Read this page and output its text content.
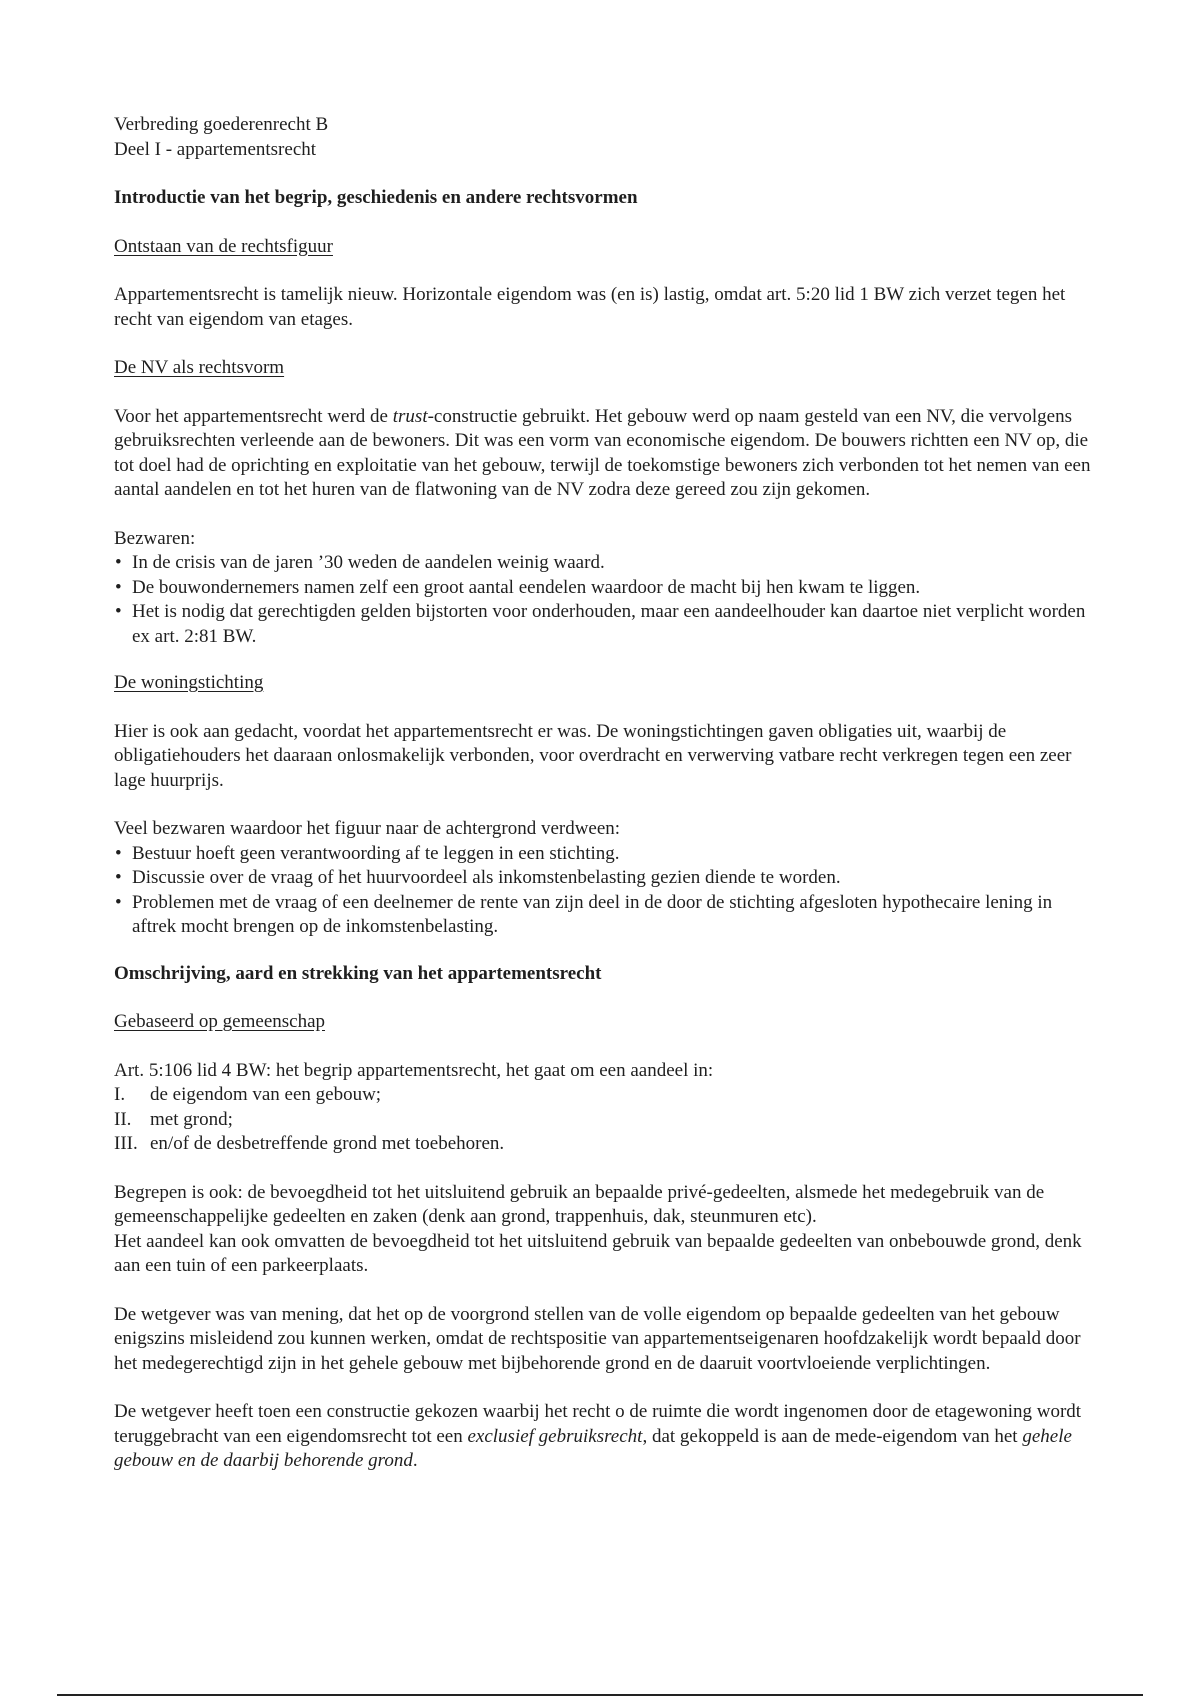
Verbreding goederenrecht B

Deel I - appartementsrecht

Introductie van het begrip, geschiedenis en andere rechtsvormen

Ontstaan van de rechtsfiguur

Appartementsrecht is tamelijk nieuw. Horizontale eigendom was (en is) lastig, omdat art. 5:20 lid 1 BW zich verzet tegen het recht van eigendom van etages.

De NV als rechtsvorm

Voor het appartementsrecht werd de trust-constructie gebruikt. Het gebouw werd op naam gesteld van een NV, die vervolgens gebruiksrechten verleende aan de bewoners. Dit was een vorm van economische eigendom. De bouwers richtten een NV op, die tot doel had de oprichting en exploitatie van het gebouw, terwijl de toekomstige bewoners zich verbonden tot het nemen van een aantal aandelen en tot het huren van de flatwoning van de NV zodra deze gereed zou zijn gekomen.

Bezwaren:

• In de crisis van de jaren ’30 weden de aandelen weinig waard.
• De bouwondernemers namen zelf een groot aantal eendelen waardoor de macht bij hen kwam te liggen.
• Het is nodig dat gerechtigden gelden bijstorten voor onderhouden, maar een aandeelhouder kan daartoe niet verplicht worden ex art. 2:81 BW.

De woningstichting

Hier is ook aan gedacht, voordat het appartementsrecht er was. De woningstichtingen gaven obligaties uit, waarbij de obligatiehouders het daaraan onlosmakelijk verbonden, voor overdracht en verwerving vatbare recht verkregen tegen een zeer lage huurprijs.

Veel bezwaren waardoor het figuur naar de achtergrond verdween:

• Bestuur hoeft geen verantwoording af te leggen in een stichting.
• Discussie over de vraag of het huurvoordeel als inkomstenbelasting gezien diende te worden.
• Problemen met de vraag of een deelnemer de rente van zijn deel in de door de stichting afgesloten hypothecaire lening in aftrek mocht brengen op de inkomstenbelasting.

Omschrijving, aard en strekking van het appartementsrecht

Gebaseerd op gemeenschap

Art. 5:106 lid 4 BW: het begrip appartementsrecht, het gaat om een aandeel in:

I.	de eigendom van een gebouw;
II. met grond;
III. en/of de desbetreffende grond met toebehoren.

Begrepen is ook: de bevoegdheid tot het uitsluitend gebruik an bepaalde privé-gedeelten, alsmede het medegebruik van de gemeenschappelijke gedeelten en zaken (denk aan grond, trappenhuis, dak, steunmuren etc).

Het aandeel kan ook omvatten de bevoegdheid tot het uitsluitend gebruik van bepaalde gedeelten van onbebouwde grond, denk aan een tuin of een parkeerplaats.

De wetgever was van mening, dat het op de voorgrond stellen van de volle eigendom op bepaalde gedeelten van het gebouw enigszins misleidend zou kunnen werken, omdat de rechtspositie van appartementseigenaren hoofdzakelijk wordt bepaald door het medegerechtigd zijn in het gehele gebouw met bijbehorende grond en de daaruit voortvloeiende verplichtingen.

De wetgever heeft toen een constructie gekozen waarbij het recht o de ruimte die wordt ingenomen door de etagewoning wordt teruggebracht van een eigendomsrecht tot een exclusief gebruiksrecht, dat gekoppeld is aan de mede-eigendom van het gehele gebouw en de daarbij behorende grond.
